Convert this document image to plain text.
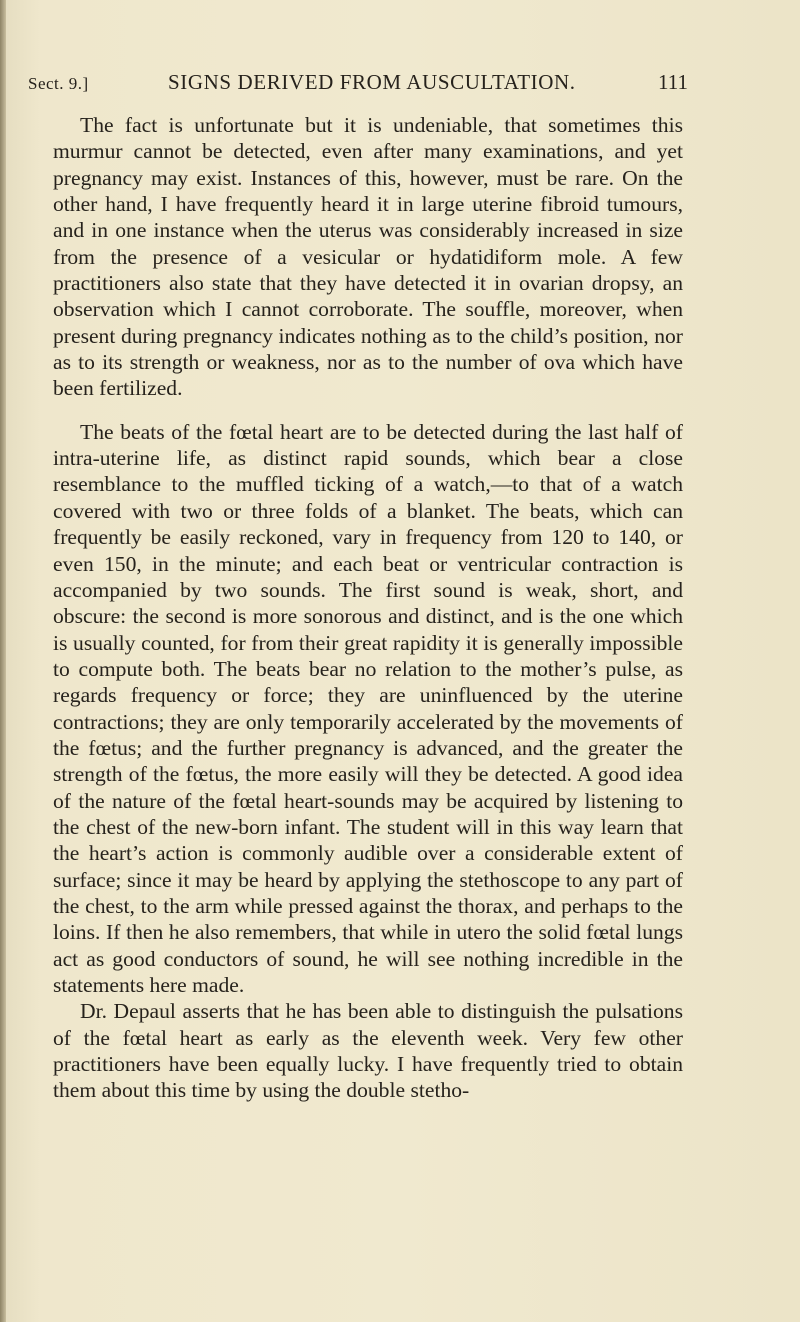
Sect. 9.]	SIGNS DERIVED FROM AUSCULTATION.	111

The fact is unfortunate but it is undeniable, that sometimes this murmur cannot be detected, even after many examinations, and yet pregnancy may exist. Instances of this, however, must be rare. On the other hand, I have frequently heard it in large uterine fibroid tumours, and in one instance when the uterus was considerably increased in size from the presence of a vesicular or hydatidiform mole. A few practitioners also state that they have detected it in ovarian dropsy, an observation which I cannot corroborate. The souffle, moreover, when present during pregnancy indicates nothing as to the child’s position, nor as to its strength or weakness, nor as to the number of ova which have been fertilized.

The beats of the fœtal heart are to be detected during the last half of intra-uterine life, as distinct rapid sounds, which bear a close resemblance to the muffled ticking of a watch,—to that of a watch covered with two or three folds of a blanket. The beats, which can frequently be easily reckoned, vary in frequency from 120 to 140, or even 150, in the minute; and each beat or ventricular contraction is accompanied by two sounds. The first sound is weak, short, and obscure: the second is more sonorous and distinct, and is the one which is usually counted, for from their great rapidity it is generally impossible to compute both. The beats bear no relation to the mother’s pulse, as regards frequency or force; they are uninfluenced by the uterine contractions; they are only temporarily accelerated by the movements of the fœtus; and the further pregnancy is advanced, and the greater the strength of the fœtus, the more easily will they be detected. A good idea of the nature of the fœtal heart-sounds may be acquired by listening to the chest of the new-born infant. The student will in this way learn that the heart’s action is commonly audible over a considerable extent of surface; since it may be heard by applying the stethoscope to any part of the chest, to the arm while pressed against the thorax, and perhaps to the loins. If then he also remembers, that while in utero the solid fœtal lungs act as good conductors of sound, he will see nothing incredible in the statements here made.

Dr. Depaul asserts that he has been able to distinguish the pulsations of the fœtal heart as early as the eleventh week. Very few other practitioners have been equally lucky. I have frequently tried to obtain them about this time by using the double stetho-
